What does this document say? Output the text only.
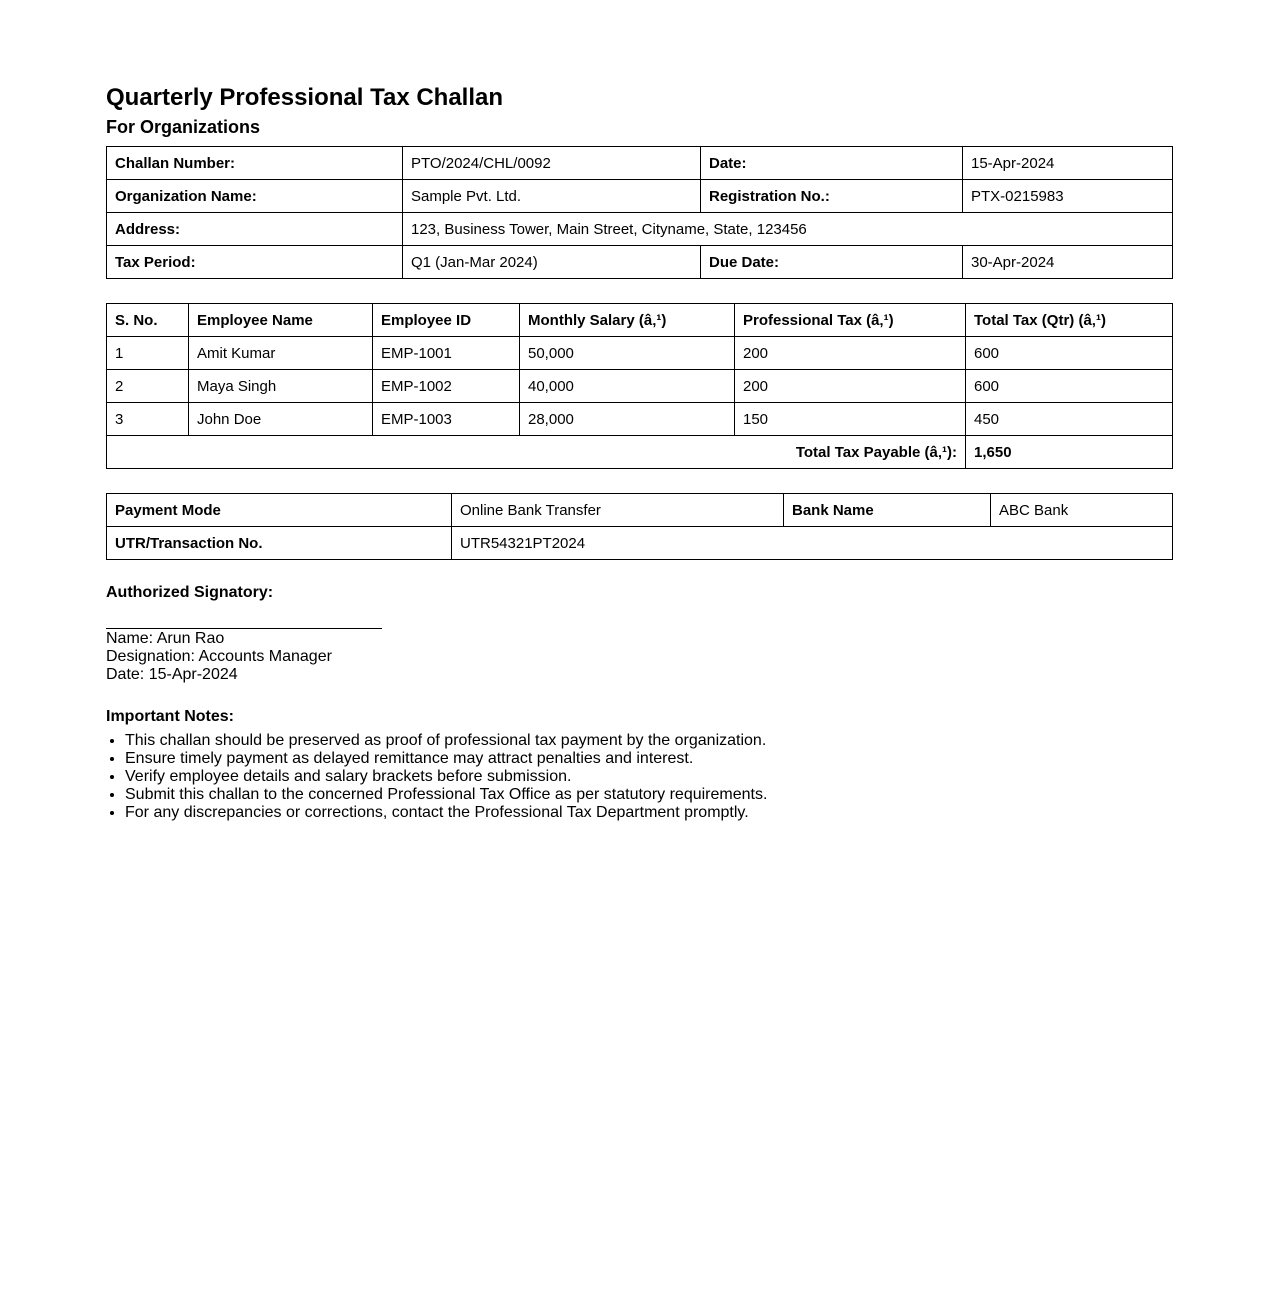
Quarterly Professional Tax Challan
For Organizations
Challan Number:	PTO/2024/CHL/0092	Date:	15-Apr-2024
Organization Name:	Sample Pvt. Ltd.	Registration No.:	PTX-0215983
Address:	123, Business Tower, Main Street, Cityname, State, 123456		
Tax Period:	Q1 (Jan-Mar 2024)	Due Date:	30-Apr-2024
S. No.	Employee Name	Employee ID	Monthly Salary (â‚¹)	Professional Tax (â‚¹)	Total Tax (Qtr) (â‚¹)
1	Amit Kumar	EMP-1001	50,000	200	600
2	Maya Singh	EMP-1002	40,000	200	600
3	John Doe	EMP-1003	28,000	150	450
Total Tax Payable (â‚¹):					1,650
Payment Mode	Online Bank Transfer	Bank Name	ABC Bank
UTR/Transaction No.	UTR54321PT2024		
Authorized Signatory:
Name: Arun Rao
Designation: Accounts Manager
Date: 15-Apr-2024
Important Notes:
• This challan should be preserved as proof of professional tax payment by the organization.
• Ensure timely payment as delayed remittance may attract penalties and interest.
• Verify employee details and salary brackets before submission.
• Submit this challan to the concerned Professional Tax Office as per statutory requirements.
• For any discrepancies or corrections, contact the Professional Tax Department promptly.
